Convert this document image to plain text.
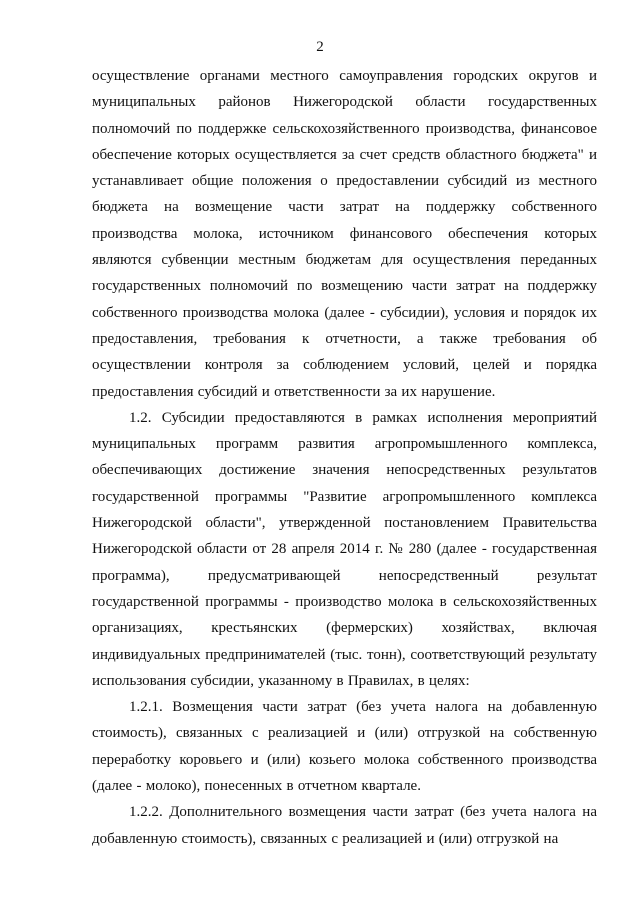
2

осуществление органами местного самоуправления городских округов и муниципальных районов Нижегородской области государственных полномочий по поддержке сельскохозяйственного производства, финансовое обеспечение которых осуществляется за счет средств областного бюджета" и устанавливает общие положения о предоставлении субсидий из местного бюджета на возмещение части затрат на поддержку собственного производства молока, источником финансового обеспечения которых являются субвенции местным бюджетам для осуществления переданных государственных полномочий по возмещению части затрат на поддержку собственного производства молока (далее - субсидии), условия и порядок их предоставления, требования к отчетности, а также требования об осуществлении контроля за соблюдением условий, целей и порядка предоставления субсидий и ответственности за их нарушение.

1.2. Субсидии предоставляются в рамках исполнения мероприятий муниципальных программ развития агропромышленного комплекса, обеспечивающих достижение значения непосредственных результатов государственной программы "Развитие агропромышленного комплекса Нижегородской области", утвержденной постановлением Правительства Нижегородской области от 28 апреля 2014 г. № 280 (далее - государственная программа), предусматривающей непосредственный результат государственной программы - производство молока в сельскохозяйственных организациях, крестьянских (фермерских) хозяйствах, включая индивидуальных предпринимателей (тыс. тонн), соответствующий результату использования субсидии, указанному в Правилах, в целях:

1.2.1. Возмещения части затрат (без учета налога на добавленную стоимость), связанных с реализацией и (или) отгрузкой на собственную переработку коровьего и (или) козьего молока собственного производства (далее - молоко), понесенных в отчетном квартале.

1.2.2. Дополнительного возмещения части затрат (без учета налога на добавленную стоимость), связанных с реализацией и (или) отгрузкой на
